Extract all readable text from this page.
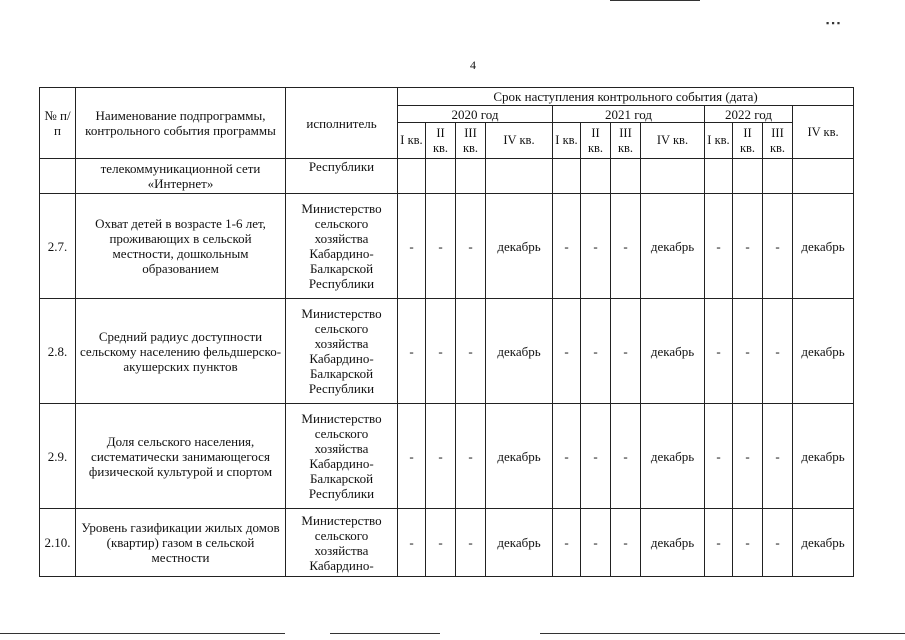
▪ ▪ ▪
4
№ п/п	Наименование подпрограммы, контрольного события программы	исполнитель	Срок наступления контрольного события (дата)											
			2020 год				2021 год				2022 год			IV кв.
			I кв.	II кв.	III кв.	IV кв.	I кв.	II кв.	III кв.	IV кв.	I кв.	II кв.	III кв.	

	телекоммуникационной сети «Интернет»	Республики												
2.7.	Охват детей в возрасте 1-6 лет, проживающих в сельской местности, дошкольным образованием	Министерство сельского хозяйства Кабардино-Балкарской Республики	-	-	-	декабрь	-	-	-	декабрь	-	-	-	декабрь
2.8.	Средний радиус доступности сельскому населению фельдшерско-акушерских пунктов	Министерство сельского хозяйства Кабардино-Балкарской Республики	-	-	-	декабрь	-	-	-	декабрь	-	-	-	декабрь
2.9.	Доля сельского населения, систематически занимающегося физической культурой и спортом	Министерство сельского хозяйства Кабардино-Балкарской Республики	-	-	-	декабрь	-	-	-	декабрь	-	-	-	декабрь
2.10.	Уровень газификации жилых домов (квартир) газом в сельской местности	Министерство сельского хозяйства Кабардино-	-	-	-	декабрь	-	-	-	декабрь	-	-	-	декабрь
